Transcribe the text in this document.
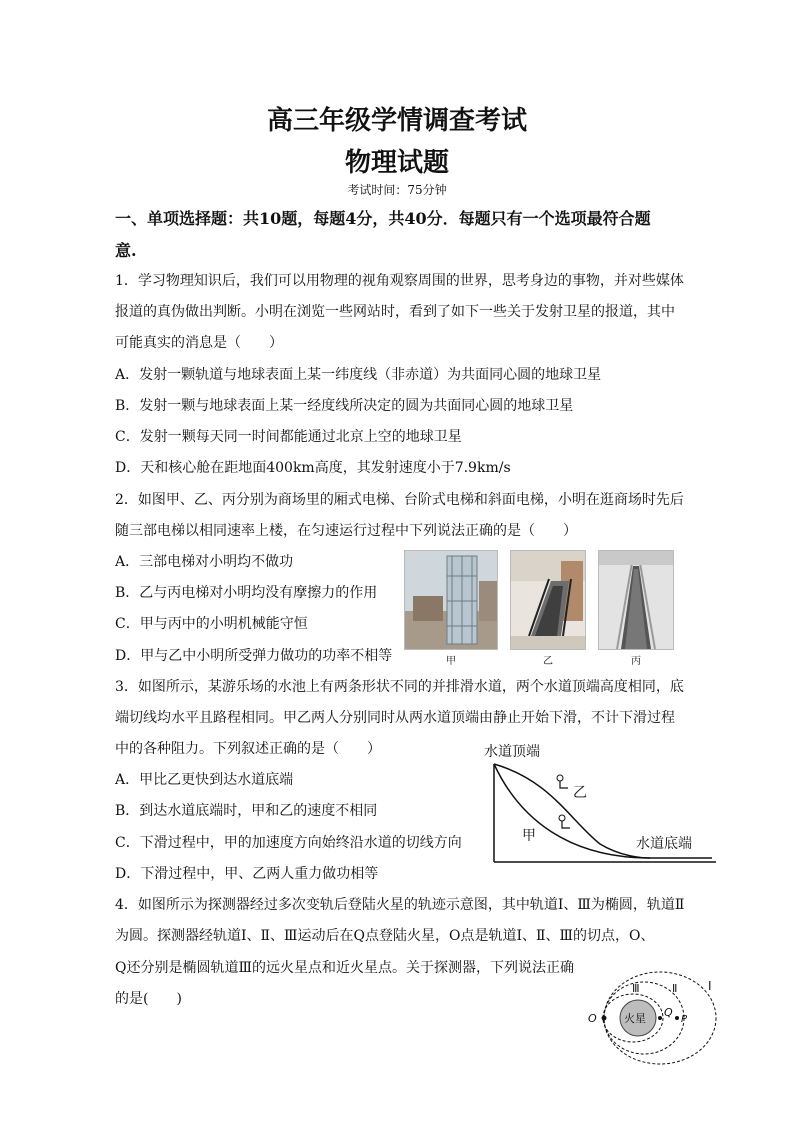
高三年级学情调查考试
物理试题
考试时间：75分钟
一、单项选择题：共10题，每题4分，共40分．每题只有一个选项最符合题
意.
1．学习物理知识后，我们可以用物理的视角观察周围的世界，思考身边的事物，并对些媒体
报道的真伪做出判断。小明在浏览一些网站时，看到了如下一些关于发射卫星的报道，其中
可能真实的消息是（　　）
A．发射一颗轨道与地球表面上某一纬度线（非赤道）为共面同心圆的地球卫星
B．发射一颗与地球表面上某一经度线所决定的圆为共面同心圆的地球卫星
C．发射一颗每天同一时间都能通过北京上空的地球卫星
D．天和核心舱在距地面400km高度，其发射速度小于7.9km/s
2．如图甲、乙、丙分别为商场里的厢式电梯、台阶式电梯和斜面电梯，小明在逛商场时先后
随三部电梯以相同速率上楼，在匀速运行过程中下列说法正确的是（　　）
A．三部电梯对小明均不做功
B．乙与丙电梯对小明均没有摩擦力的作用
C．甲与丙中的小明机械能守恒
D．甲与乙中小明所受弹力做功的功率不相等	甲	乙	丙
3．如图所示，某游乐场的水池上有两条形状不同的并排滑水道，两个水道顶端高度相同，底
端切线均水平且路程相同。甲乙两人分别同时从两水道顶端由静止开始下滑，不计下滑过程
中的各种阻力。下列叙述正确的是（　　）
A．甲比乙更快到达水道底端
B．到达水道底端时，甲和乙的速度不相同
C．下滑过程中，甲的加速度方向始终沿水道的切线方向
D．下滑过程中，甲、乙两人重力做功相等
水道顶端
乙
甲	水道底端
4．如图所示为探测器经过多次变轨后登陆火星的轨迹示意图，其中轨道Ⅰ、Ⅲ为椭圆，轨道Ⅱ
为圆。探测器经轨道Ⅰ、Ⅱ、Ⅲ运动后在Q点登陆火星，O点是轨道Ⅰ、Ⅱ、Ⅲ的切点，O、
Q还分别是椭圆轨道Ⅲ的远火星点和近火星点。关于探测器，下列说法正确
的是(　　)
火星
O	Q
P
Ⅰ
Ⅱ
Ⅲ
